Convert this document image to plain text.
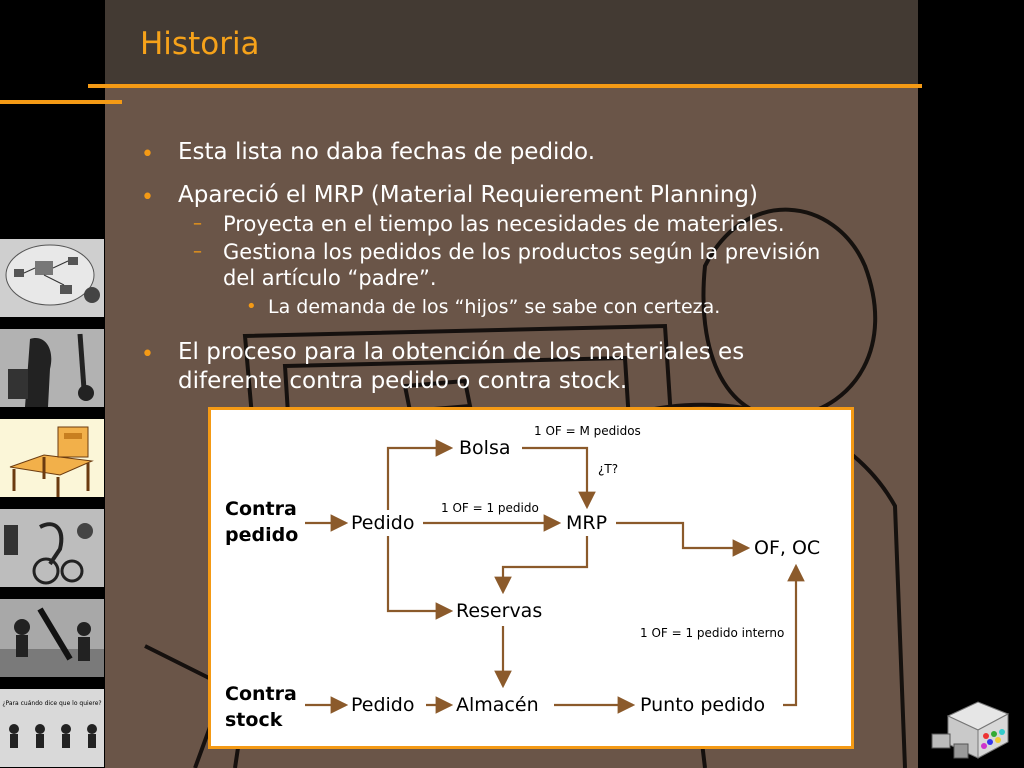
Historia
¿Para cuándo dice que lo quiere?
• Esta lista no daba fechas de pedido.

• Apareció el MRP (Material Requierement Planning)

– Proyecta en el tiempo las necesidades de materiales.

– Gestiona los pedidos de los productos según la previsión

del artículo “padre”.

• La demanda de los “hijos” se sabe con certeza.

• El proceso para la obtención de los materiales es

diferente contra pedido o contra stock.

Contra
pedido
Contra
stock
Bolsa
Pedido	MRP
OF, OC
Reservas
Pedido Almacén	Punto pedido
1 OF = M pedidos
¿T?
1 OF = 1 pedido
1 OF = 1 pedido interno
